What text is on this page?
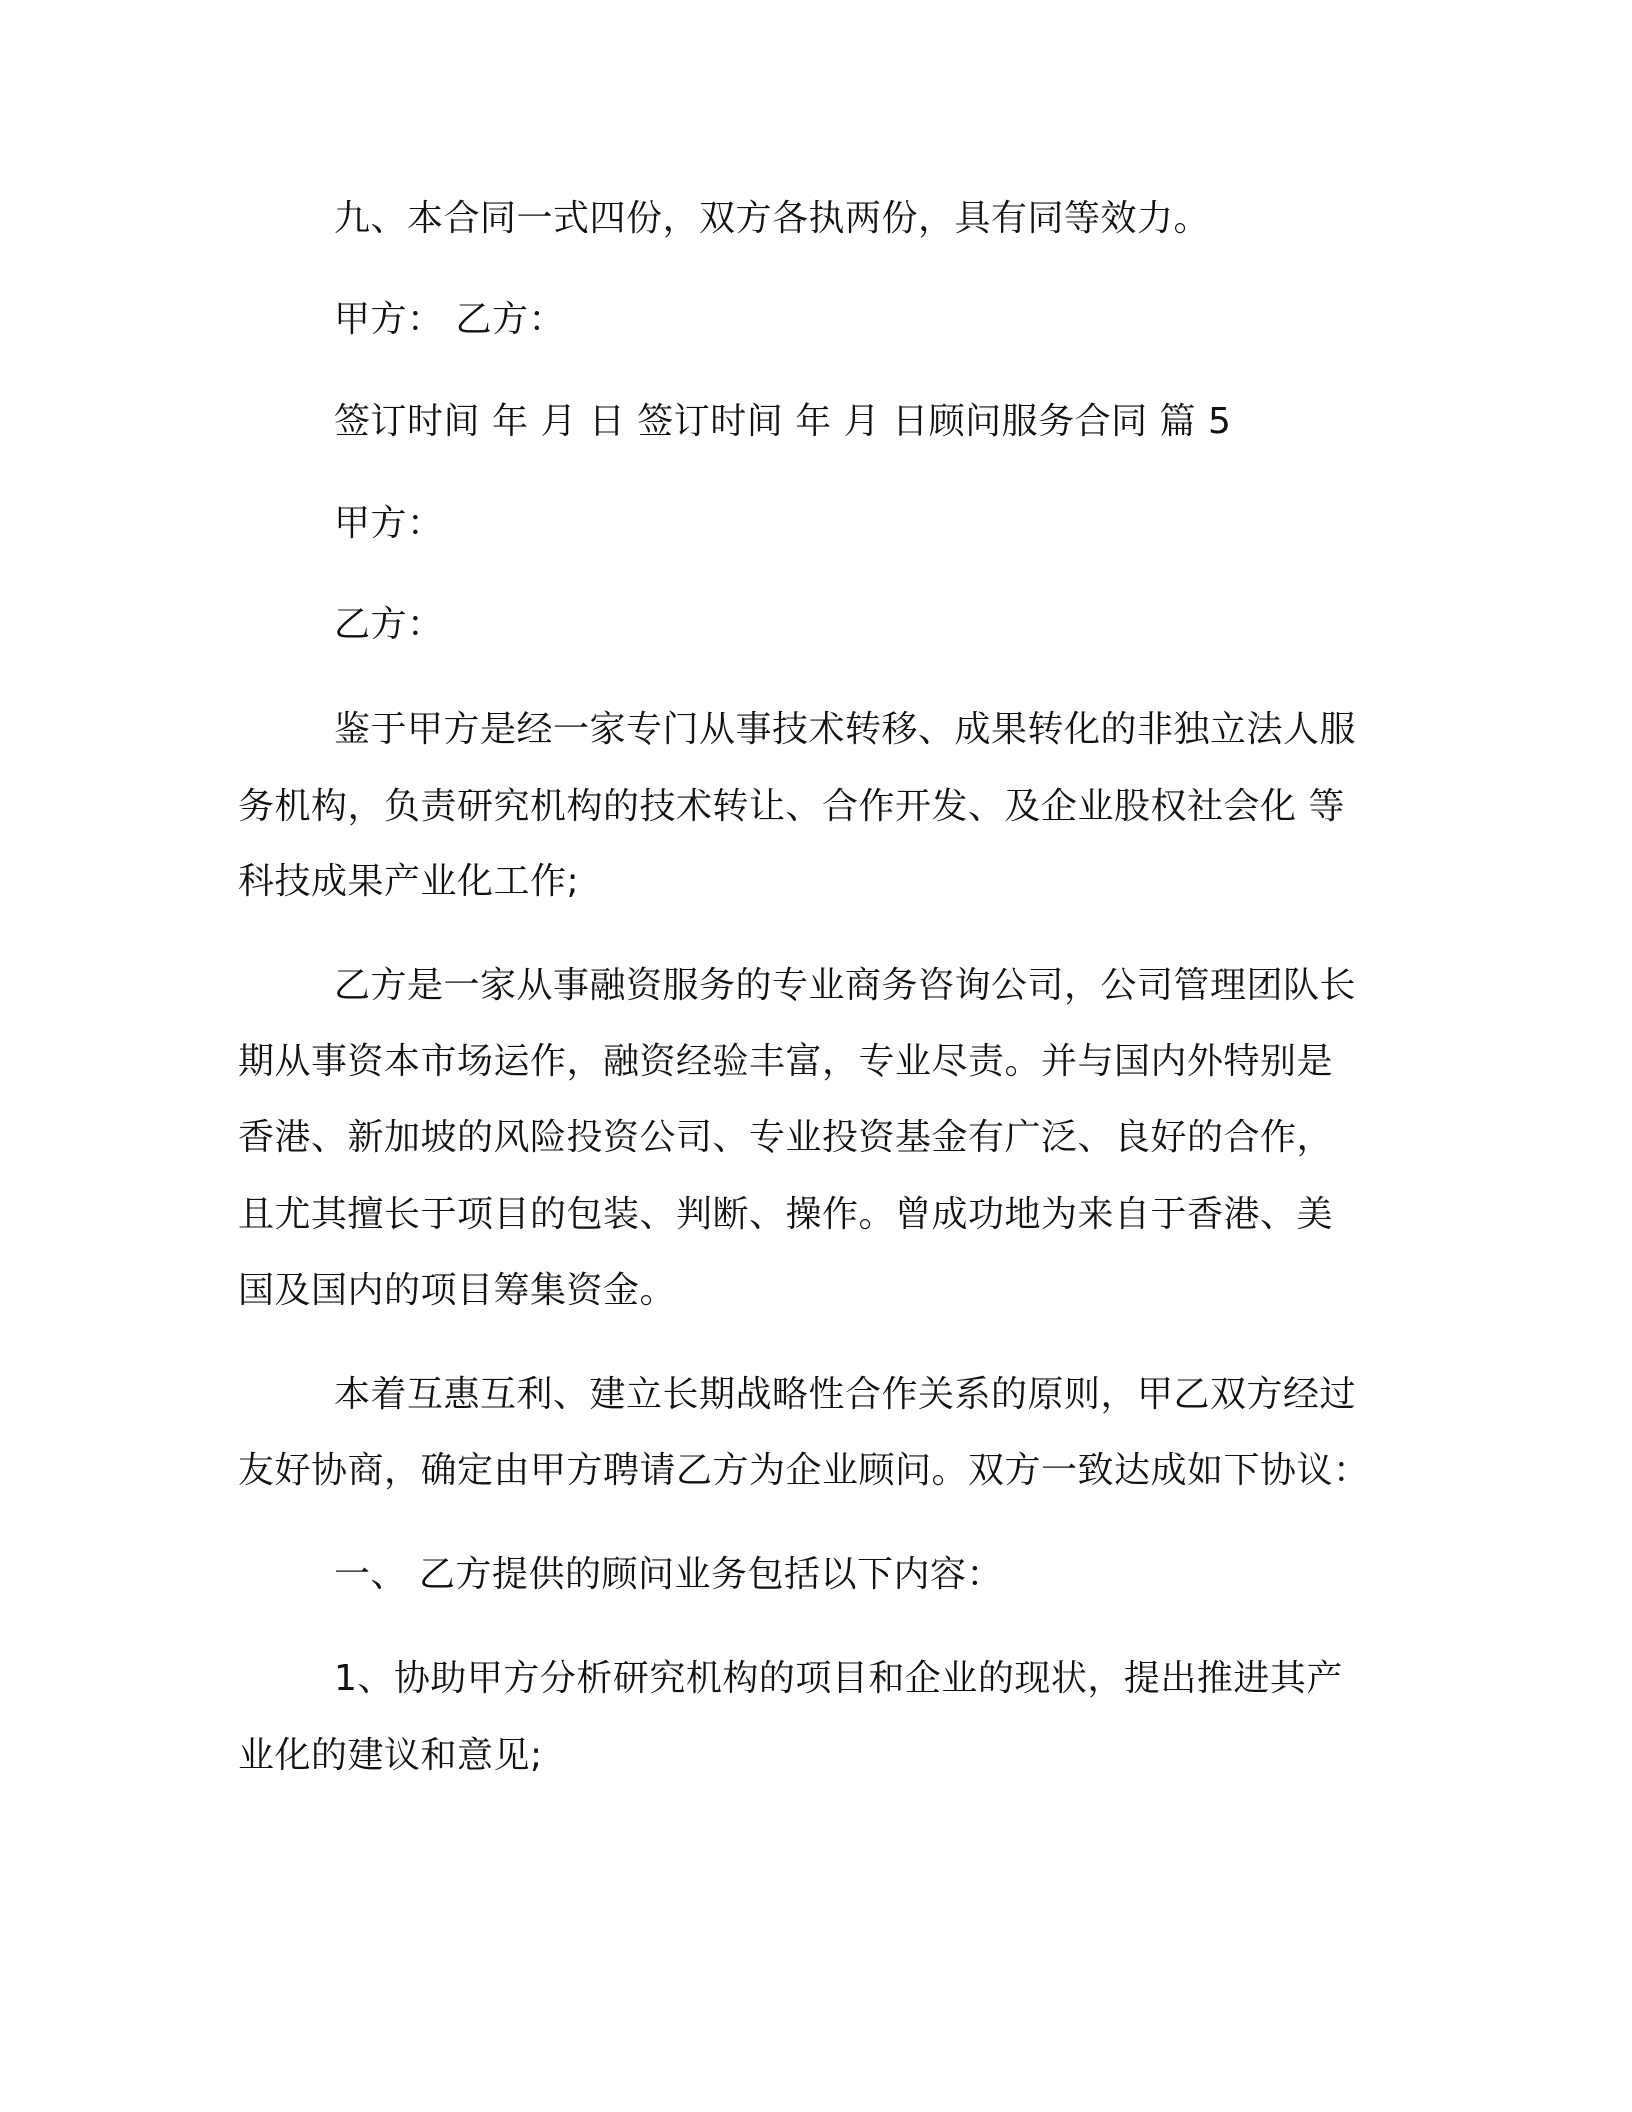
九、本合同一式四份，双方各执两份，具有同等效力。
甲方： 乙方：
签订时间 年 月 日 签订时间 年 月 日顾问服务合同 篇 5
甲方：
乙方：
鉴于甲方是经一家专门从事技术转移、成果转化的非独立法人服
务机构，负责研究机构的技术转让、合作开发、及企业股权社会化 等
科技成果产业化工作;
乙方是一家从事融资服务的专业商务咨询公司，公司管理团队长
期从事资本市场运作，融资经验丰富，专业尽责。并与国内外特别是
香港、新加坡的风险投资公司、专业投资基金有广泛、良好的合作，
且尤其擅长于项目的包装、判断、操作。曾成功地为来自于香港、美
国及国内的项目筹集资金。
本着互惠互利、建立长期战略性合作关系的原则，甲乙双方经过
友好协商，确定由甲方聘请乙方为企业顾问。双方一致达成如下协议：
一、 乙方提供的顾问业务包括以下内容：
1、协助甲方分析研究机构的项目和企业的现状，提出推进其产
业化的建议和意见;
